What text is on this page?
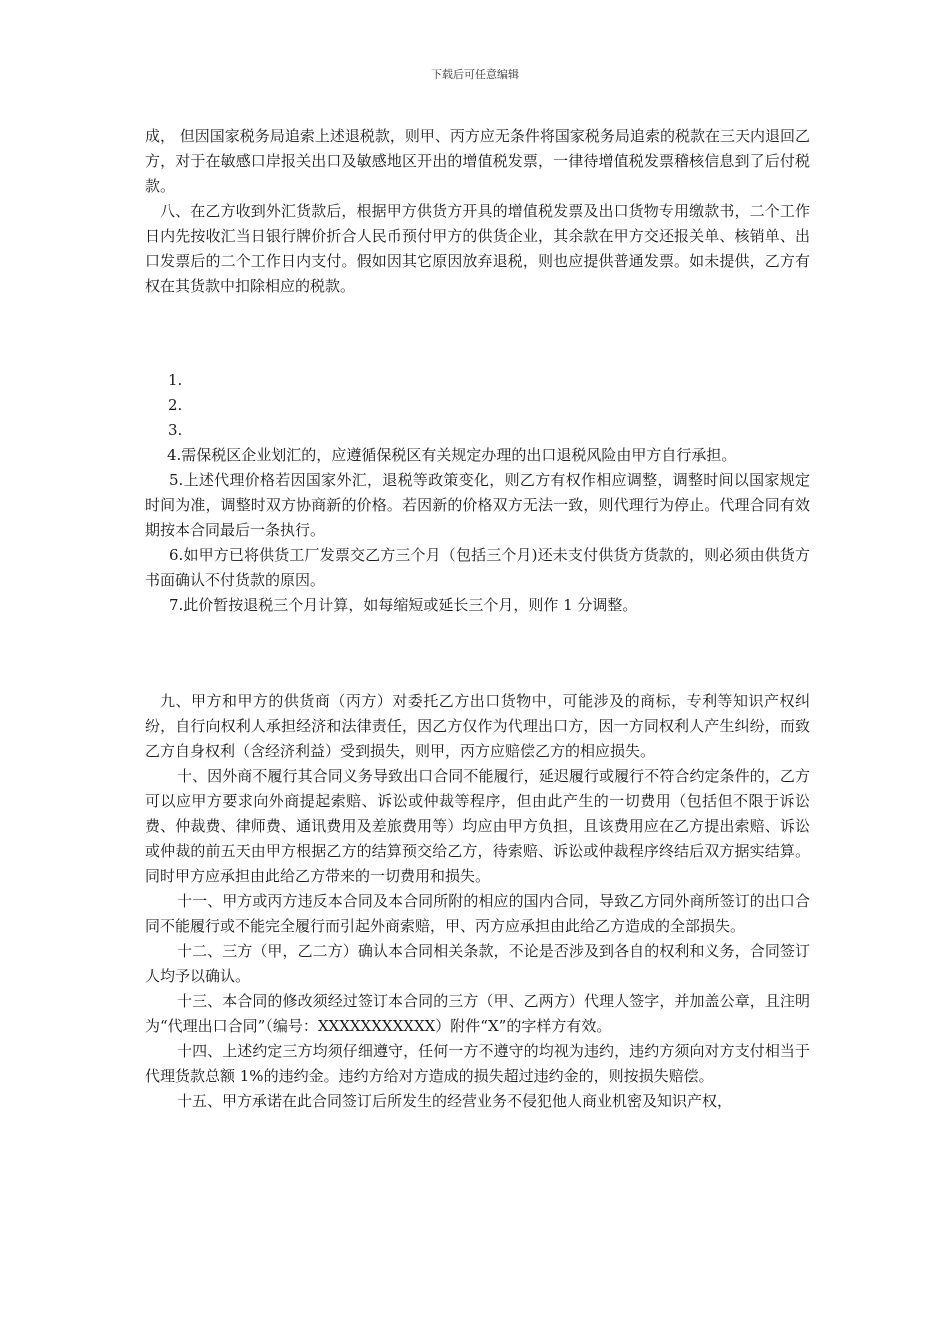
下载后可任意编辑

成， 但因国家税务局追索上述退税款，则甲、丙方应无条件将国家税务局追索的税款在三天内退回乙方，对于在敏感口岸报关出口及敏感地区开出的增值税发票，一律待增值税发票稽核信息到了后付税款。

八、在乙方收到外汇货款后，根据甲方供货方开具的增值税发票及出口货物专用缴款书，二个工作日内先按收汇当日银行牌价折合人民币预付甲方的供货企业，其余款在甲方交还报关单、核销单、出口发票后的二个工作日内支付。假如因其它原因放弃退税，则也应提供普通发票。如未提供，乙方有权在其货款中扣除相应的税款。

1.

2.

3.

4.需保税区企业划汇的，应遵循保税区有关规定办理的出口退税风险由甲方自行承担。

5.上述代理价格若因国家外汇，退税等政策变化，则乙方有权作相应调整，调整时间以国家规定时间为准，调整时双方协商新的价格。若因新的价格双方无法一致，则代理行为停止。代理合同有效期按本合同最后一条执行。

6.如甲方已将供货工厂发票交乙方三个月（包括三个月)还未支付供货方货款的，则必须由供货方书面确认不付货款的原因。

7.此价暂按退税三个月计算，如每缩短或延长三个月，则作 1 分调整。

九、甲方和甲方的供货商（丙方）对委托乙方出口货物中，可能涉及的商标，专利等知识产权纠纷，自行向权利人承担经济和法律责任，因乙方仅作为代理出口方，因一方同权利人产生纠纷，而致乙方自身权利（含经济利益）受到损失，则甲，丙方应赔偿乙方的相应损失。

十、因外商不履行其合同义务导致出口合同不能履行，延迟履行或履行不符合约定条件的，乙方可以应甲方要求向外商提起索赔、诉讼或仲裁等程序，但由此产生的一切费用（包括但不限于诉讼费、仲裁费、律师费、通讯费用及差旅费用等）均应由甲方负担，且该费用应在乙方提出索赔、诉讼或仲裁的前五天由甲方根据乙方的结算预交给乙方，待索赔、诉讼或仲裁程序终结后双方据实结算。同时甲方应承担由此给乙方带来的一切费用和损失。

十一、甲方或丙方违反本合同及本合同所附的相应的国内合同，导致乙方同外商所签订的出口合同不能履行或不能完全履行而引起外商索赔，甲、丙方应承担由此给乙方造成的全部损失。

十二、三方（甲，乙二方）确认本合同相关条款，不论是否涉及到各自的权利和义务，合同签订人均予以确认。

十三、本合同的修改须经过签订本合同的三方（甲、乙两方）代理人签字，并加盖公章，且注明为“代理出口合同”（编号：XXXXXXXXXXX）附件“X”的字样方有效。

十四、上述约定三方均须仔细遵守，任何一方不遵守的均视为违约，违约方须向对方支付相当于代理货款总额 1%的违约金。违约方给对方造成的损失超过违约金的，则按损失赔偿。

十五、甲方承诺在此合同签订后所发生的经营业务不侵犯他人商业机密及知识产权，
